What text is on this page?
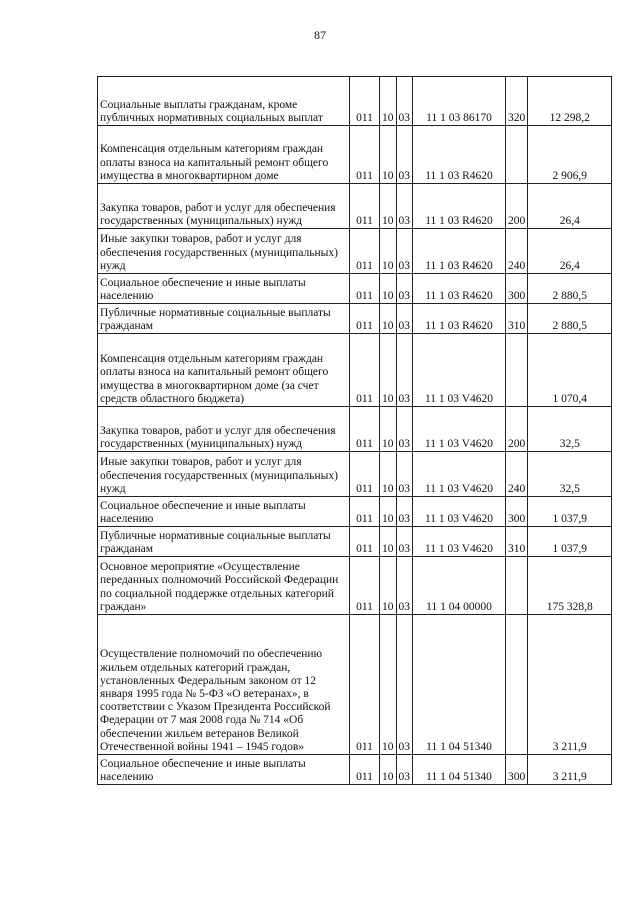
87
Социальные выплаты гражданам, кроме публичных нормативных социальных выплат	011	10	03	11 1 03 86170	320	12 298,2
Компенсация отдельным категориям граждан оплаты взноса на капитальный ремонт общего имущества в многоквартирном доме	011	10	03	11 1 03 R4620		2 906,9
Закупка товаров, работ и услуг для обеспечения государственных (муниципальных) нужд	011	10	03	11 1 03 R4620	200	26,4
Иные закупки товаров, работ и услуг для обеспечения государственных (муниципальных) нужд	011	10	03	11 1 03 R4620	240	26,4
Социальное обеспечение и иные выплаты населению	011	10	03	11 1 03 R4620	300	2 880,5
Публичные нормативные социальные выплаты гражданам	011	10	03	11 1 03 R4620	310	2 880,5
Компенсация отдельным категориям граждан оплаты взноса на капитальный ремонт общего имущества в многоквартирном доме (за счет средств областного бюджета)	011	10	03	11 1 03 V4620		1 070,4
Закупка товаров, работ и услуг для обеспечения государственных (муниципальных) нужд	011	10	03	11 1 03 V4620	200	32,5
Иные закупки товаров, работ и услуг для обеспечения государственных (муниципальных) нужд	011	10	03	11 1 03 V4620	240	32,5
Социальное обеспечение и иные выплаты населению	011	10	03	11 1 03 V4620	300	1 037,9
Публичные нормативные социальные выплаты гражданам	011	10	03	11 1 03 V4620	310	1 037,9
Основное мероприятие «Осуществление переданных полномочий Российской Федерации по социальной поддержке отдельных категорий граждан»	011	10	03	11 1 04 00000		175 328,8
Осуществление полномочий по обеспечению жильем отдельных категорий граждан, установленных Федеральным законом от 12 января 1995 года № 5-ФЗ «О ветеранах», в соответствии с Указом Президента Российской Федерации от 7 мая 2008 года № 714 «Об обеспечении жильем ветеранов Великой Отечественной войны 1941 – 1945 годов»	011	10	03	11 1 04 51340		3 211,9
Социальное обеспечение и иные выплаты населению	011	10	03	11 1 04 51340	300	3 211,9
